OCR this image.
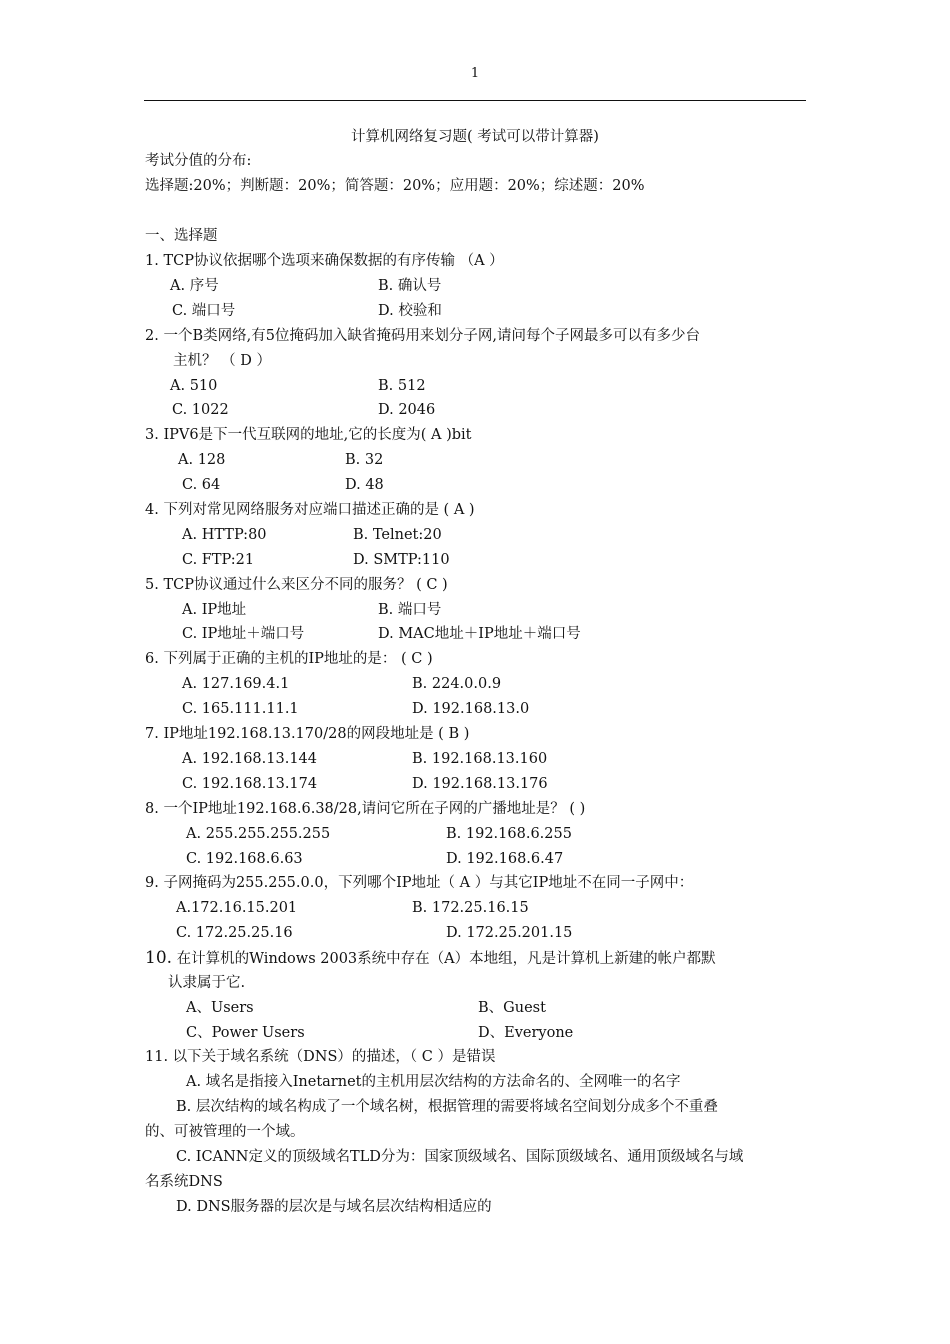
1
计算机网络复习题( 考试可以带计算器)
考试分值的分布:
选择题:20%；判断题：20%；简答题：20%；应用题：20%；综述题：20%
一、选择题
1. TCP协议依据哪个选项来确保数据的有序传输 （A ）
A. 序号	B. 确认号
C. 端口号	D. 校验和
2. 一个B类网络,有5位掩码加入缺省掩码用来划分子网,请问每个子网最多可以有多少台
主机？ （ D ）
A. 510	B. 512
C. 1022	D. 2046
3. IPV6是下一代互联网的地址,它的长度为( A )bit
A. 128	B. 32
C. 64	D. 48
4. 下列对常见网络服务对应端口描述正确的是 ( A )
A. HTTP:80	B. Telnet:20
C. FTP:21	D. SMTP:110
5. TCP协议通过什么来区分不同的服务？ ( C )
A. IP地址	B. 端口号
C. IP地址＋端口号	D. MAC地址＋IP地址＋端口号
6. 下列属于正确的主机的IP地址的是： ( C )
A. 127.169.4.1	B. 224.0.0.9
C. 165.111.11.1	D. 192.168.13.0
7. IP地址192.168.13.170/28的网段地址是 ( B )
A. 192.168.13.144	B. 192.168.13.160
C. 192.168.13.174	D. 192.168.13.176
8. 一个IP地址192.168.6.38/28,请问它所在子网的广播地址是？ ( )
A. 255.255.255.255	B. 192.168.6.255
C. 192.168.6.63	D. 192.168.6.47
9. 子网掩码为255.255.0.0，下列哪个IP地址（ A ）与其它IP地址不在同一子网中：
A.172.16.15.201	B. 172.25.16.15
C. 172.25.25.16	D. 172.25.201.15
10. 在计算机的Windows 2003系统中存在（A）本地组，凡是计算机上新建的帐户都默
认隶属于它.
A、Users	B、Guest
C、Power Users	D、Everyone
11. 以下关于域名系统（DNS）的描述，（ C ）是错误
A. 域名是指接入Inetarnet的主机用层次结构的方法命名的、全网唯一的名字
B. 层次结构的域名构成了一个域名树，根据管理的需要将域名空间划分成多个不重叠
的、可被管理的一个域。
C. ICANN定义的顶级域名TLD分为：国家顶级域名、国际顶级域名、通用顶级域名与域
名系统DNS
D. DNS服务器的层次是与域名层次结构相适应的
